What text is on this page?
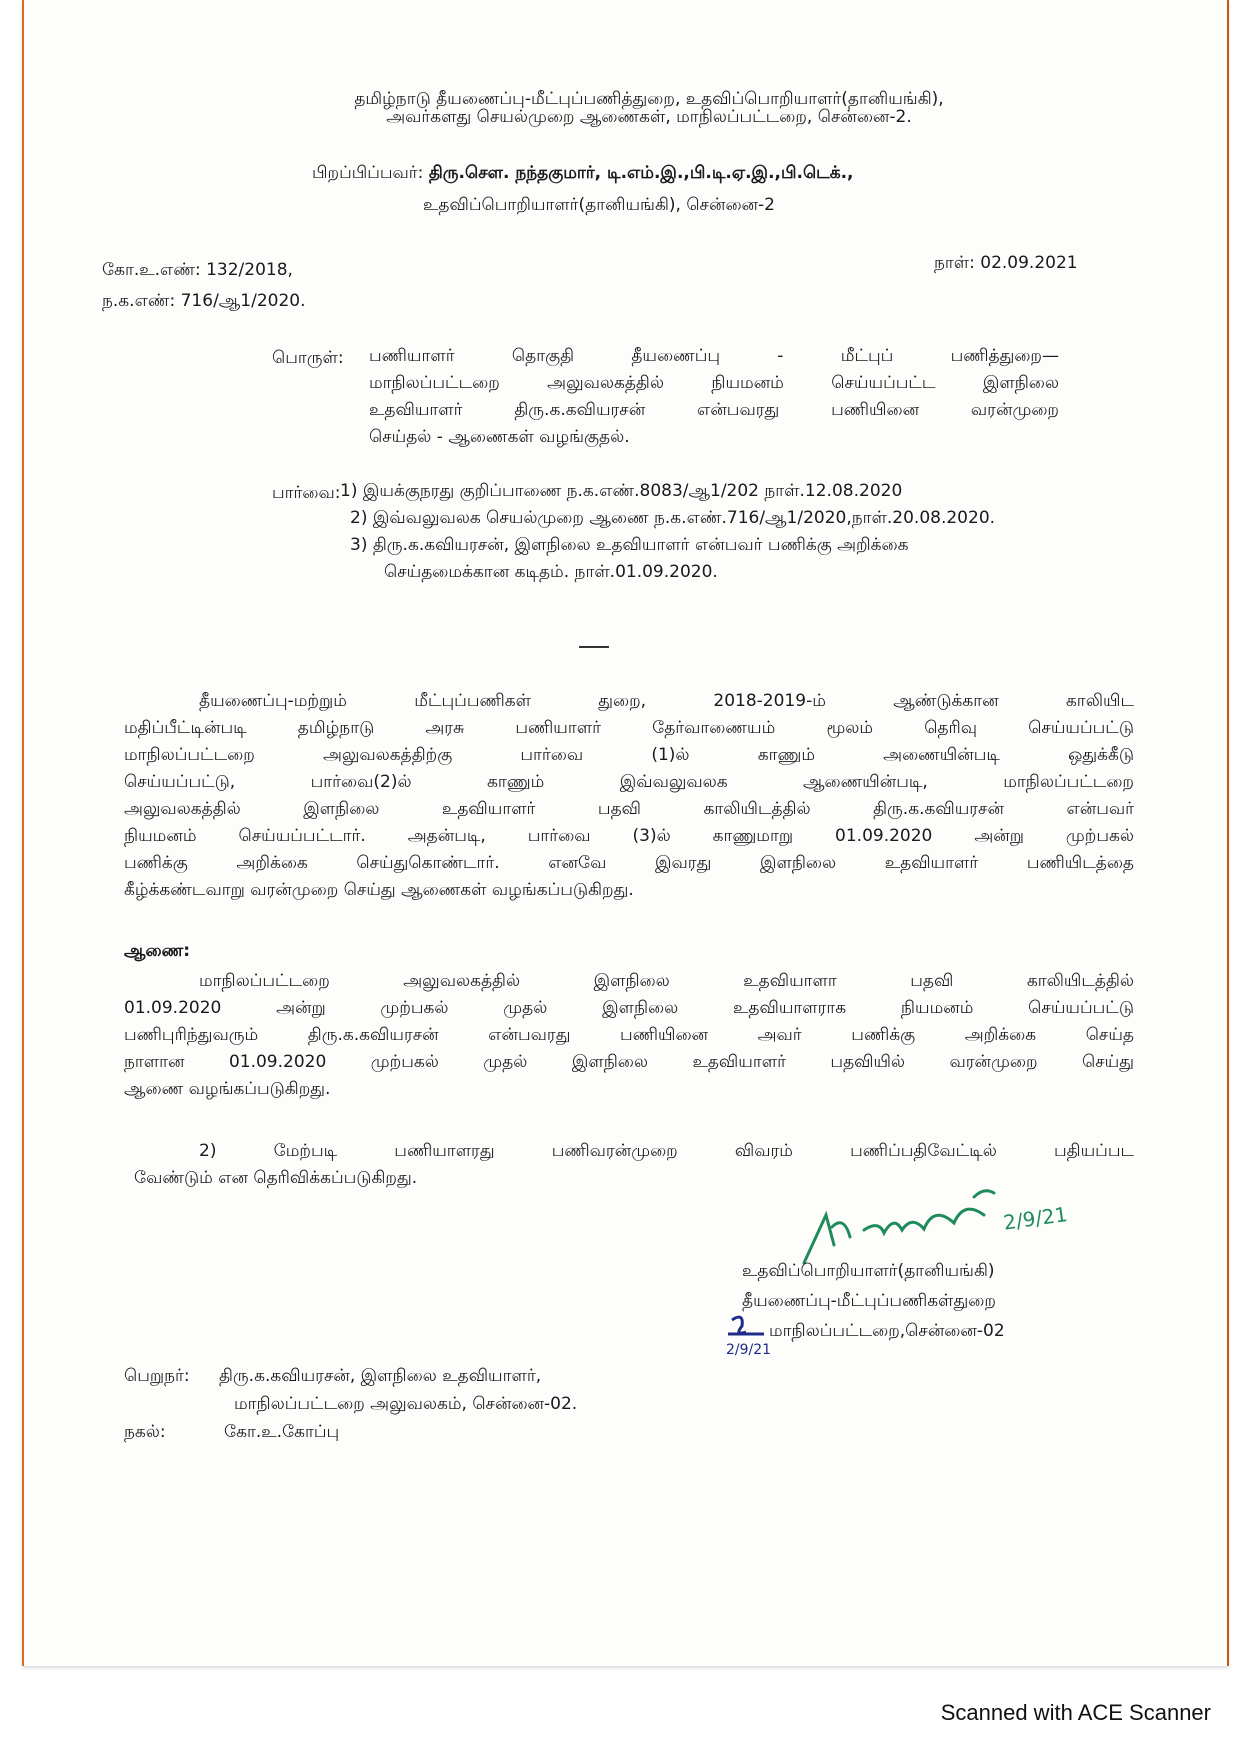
தமிழ்நாடு தீயணைப்பு-மீட்புப்பணித்துறை, உதவிப்பொறியாளர்(தானியங்கி),
அவர்களது செயல்முறை ஆணைகள், மாநிலப்பட்டறை, சென்னை-2.
பிறப்பிப்பவர்: திரு.சௌ. நந்தகுமார், டி.எம்.இ.,பி.டி.ஏ.இ.,பி.டெக்.,
உதவிப்பொறியாளர்(தானியங்கி), சென்னை-2
கோ.உ.எண்: 132/2018,
ந.க.எண்: 716/ஆ1/2020.
நாள்: 02.09.2021
பொருள்: பணியாளர் தொகுதி தீயணைப்பு - மீட்புப் பணித்துறை—
மாநிலப்பட்டறை அலுவலகத்தில் நியமனம் செய்யப்பட்ட இளநிலை
உதவியாளர் திரு.க.கவியரசன் என்பவரது பணியினை வரன்முறை
செய்தல் - ஆணைகள் வழங்குதல்.
பார்வை: 1) இயக்குநரது குறிப்பாணை ந.க.எண்.8083/ஆ1/202 நாள்.12.08.2020
2) இவ்வலுவலக செயல்முறை ஆணை ந.க.எண்.716/ஆ1/2020,நாள்.20.08.2020.
3) திரு.க.கவியரசன், இளநிலை உதவியாளர் என்பவர் பணிக்கு அறிக்கை
செய்தமைக்கான கடிதம். நாள்.01.09.2020.
தீயணைப்பு-மற்றும் மீட்புப்பணிகள் துறை, 2018-2019-ம் ஆண்டுக்கான காலியிட
மதிப்பீட்டின்படி தமிழ்நாடு அரசு பணியாளர் தேர்வாணையம் மூலம் தெரிவு செய்யப்பட்டு
மாநிலப்பட்டறை அலுவலகத்திற்கு பார்வை (1)ல் காணும் அணையின்படி ஒதுக்கீடு
செய்யப்பட்டு, பார்வை(2)ல் காணும் இவ்வலுவலக ஆணையின்படி, மாநிலப்பட்டறை
அலுவலகத்தில் இளநிலை உதவியாளர் பதவி காலியிடத்தில் திரு.க.கவியரசன் என்பவர்
நியமனம் செய்யப்பட்டார். அதன்படி, பார்வை (3)ல் காணுமாறு 01.09.2020 அன்று முற்பகல்
பணிக்கு அறிக்கை செய்துகொண்டார். எனவே இவரது இளநிலை உதவியாளர் பணியிடத்தை
கீழ்க்கண்டவாறு வரன்முறை செய்து ஆணைகள் வழங்கப்படுகிறது.
ஆணை:
மாநிலப்பட்டறை அலுவலகத்தில் இளநிலை உதவியாளா பதவி காலியிடத்தில்
01.09.2020 அன்று முற்பகல் முதல் இளநிலை உதவியாளராக நியமனம் செய்யப்பட்டு
பணிபுரிந்துவரும் திரு.க.கவியரசன் என்பவரது பணியினை அவர் பணிக்கு அறிக்கை செய்த
நாளான 01.09.2020 முற்பகல் முதல் இளநிலை உதவியாளர் பதவியில் வரன்முறை செய்து
ஆணை வழங்கப்படுகிறது.
2) மேற்படி பணியாளரது பணிவரன்முறை விவரம் பணிப்பதிவேட்டில் பதியப்பட
வேண்டும் என தெரிவிக்கப்படுகிறது.
2/9/21
உதவிப்பொறியாளர்(தானியங்கி)
தீயணைப்பு-மீட்புப்பணிகள்துறை
மாநிலப்பட்டறை,சென்னை-02
2/9/21
பெறுநர்: திரு.க.கவியரசன், இளநிலை உதவியாளர்,
மாநிலப்பட்டறை அலுவலகம், சென்னை-02.
நகல்:	கோ.உ.கோப்பு
Scanned with ACE Scanner
